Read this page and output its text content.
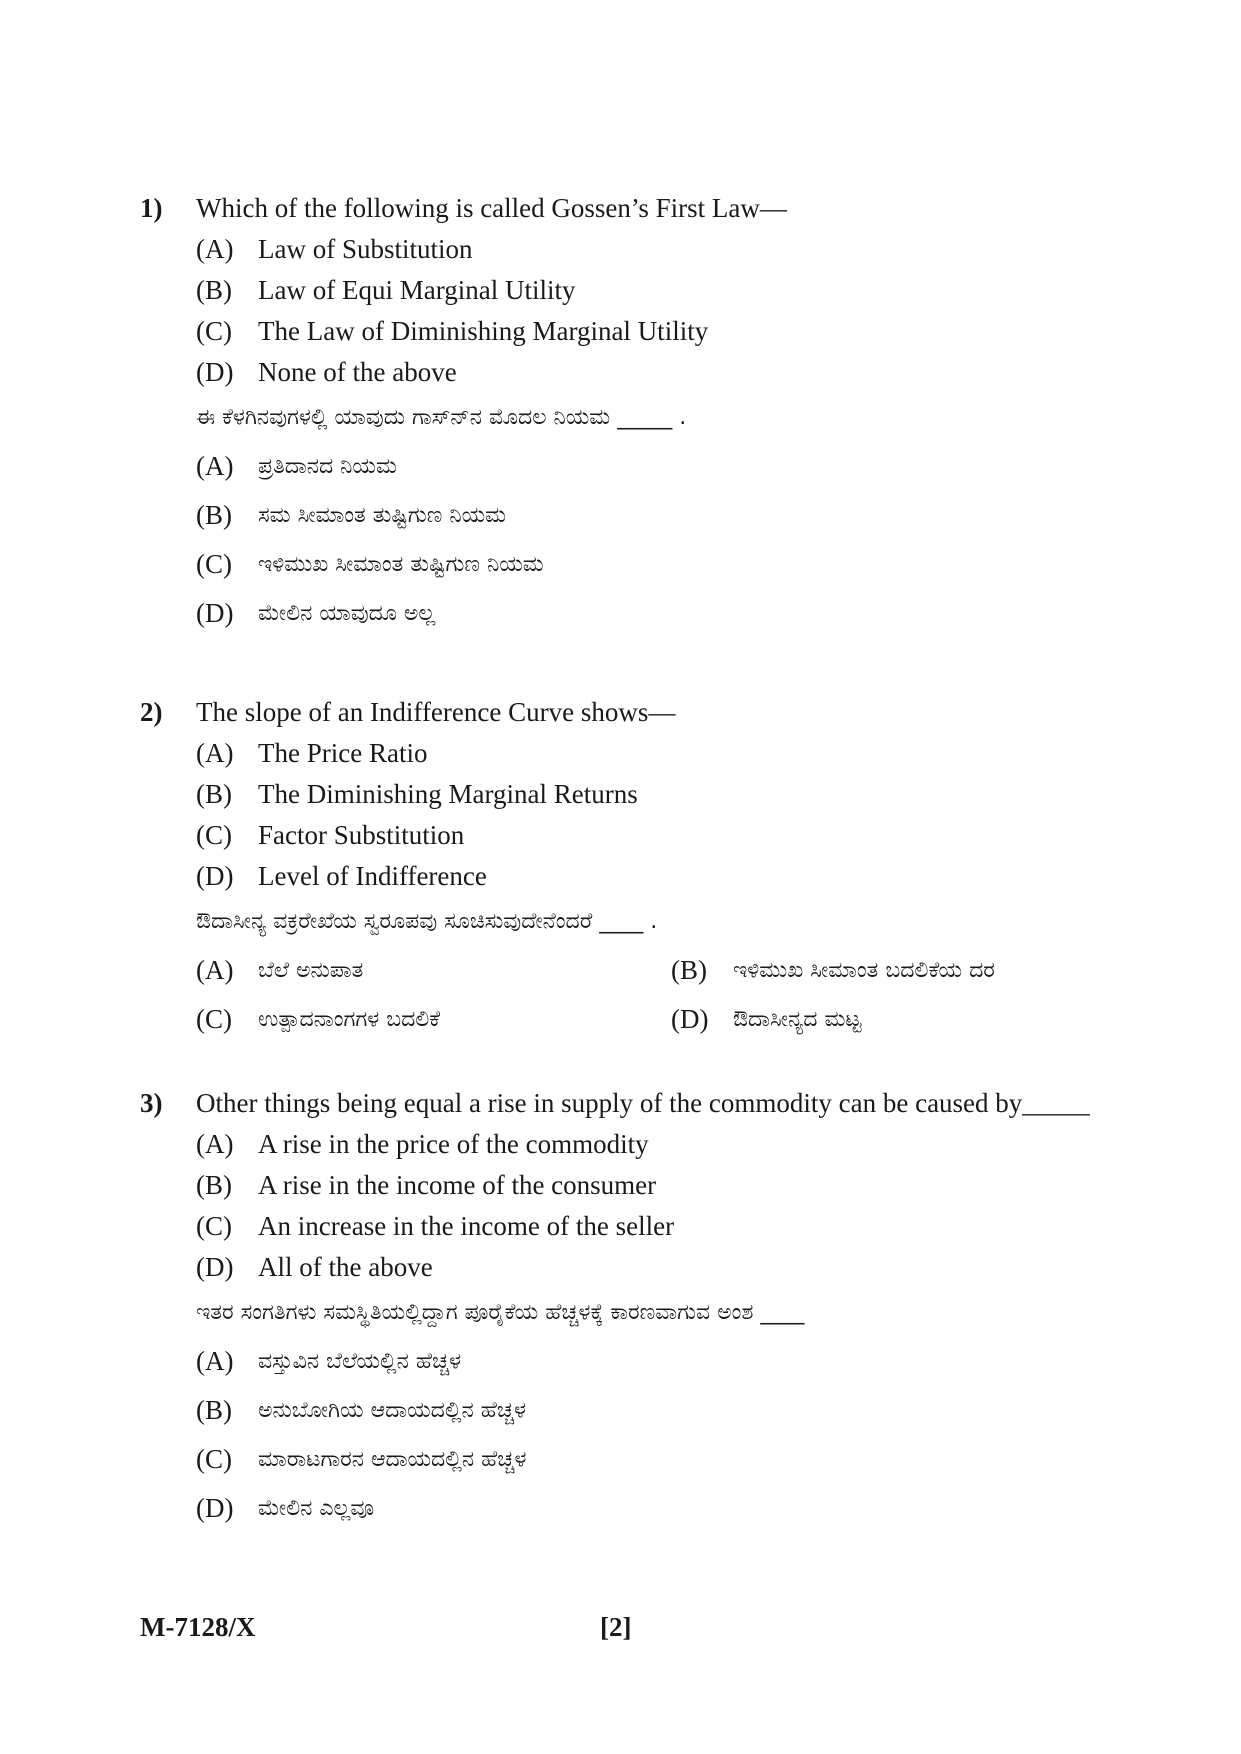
1)	Which of the following is called Gossen’s First Law—
(A) Law of Substitution
(B) Law of Equi Marginal Utility
(C) The Law of Diminishing Marginal Utility
(D) None of the above
ಈ ಕೆಳಗಿನವುಗಳಲ್ಲಿ ಯಾವುದು ಗಾಸ್‌ನ್‌ನ ಮೊದಲ ನಿಯಮ _____ .
(A)	ಪ್ರತಿದಾನದ ನಿಯಮ
(B)	ಸಮ ಸೀಮಾಂತ ತುಷ್ಟಿಗುಣ ನಿಯಮ
(C)	ಇಳಿಮುಖ ಸೀಮಾಂತ ತುಷ್ಟಿಗುಣ ನಿಯಮ
(D)	ಮೇಲಿನ ಯಾವುದೂ ಅಲ್ಲ
2)	The slope of an Indifference Curve shows—
(A) The Price Ratio
(B) The Diminishing Marginal Returns
(C) Factor Substitution
(D) Level of Indifference
ಔದಾಸೀನ್ಯ ವಕ್ರರೇಖೆಯ ಸ್ವರೂಪವು ಸೂಚಿಸುವುದೇನೆಂದರೆ ____ .
(A)	ಬೆಲೆ ಅನುಪಾತ	(B)	ಇಳಿಮುಖ ಸೀಮಾಂತ ಬದಲಿಕೆಯ ದರ
(C)	ಉತ್ಪಾದನಾಂಗಗಳ ಬದಲಿಕೆ	(D)	ಔದಾಸೀನ್ಯದ ಮಟ್ಟ
3)	Other things being equal a rise in supply of the commodity can be caused by_____
(A) A rise in the price of the commodity
(B) A rise in the income of the consumer
(C) An increase in the income of the seller
(D) All of the above
ಇತರ ಸಂಗತಿಗಳು ಸಮಸ್ಥಿತಿಯಲ್ಲಿದ್ದಾಗ ಪೂರೈಕೆಯ ಹೆಚ್ಚಳಕ್ಕೆ ಕಾರಣವಾಗುವ ಅಂಶ ____
(A)	ವಸ್ತುವಿನ ಬೆಲೆಯಲ್ಲಿನ ಹೆಚ್ಚಳ
(B)	ಅನುಬೋಗಿಯ ಆದಾಯದಲ್ಲಿನ ಹೆಚ್ಚಳ
(C)	ಮಾರಾಟಗಾರನ ಆದಾಯದಲ್ಲಿನ ಹೆಚ್ಚಳ
(D)	ಮೇಲಿನ ಎಲ್ಲವೂ
M-7128/X	[2]
